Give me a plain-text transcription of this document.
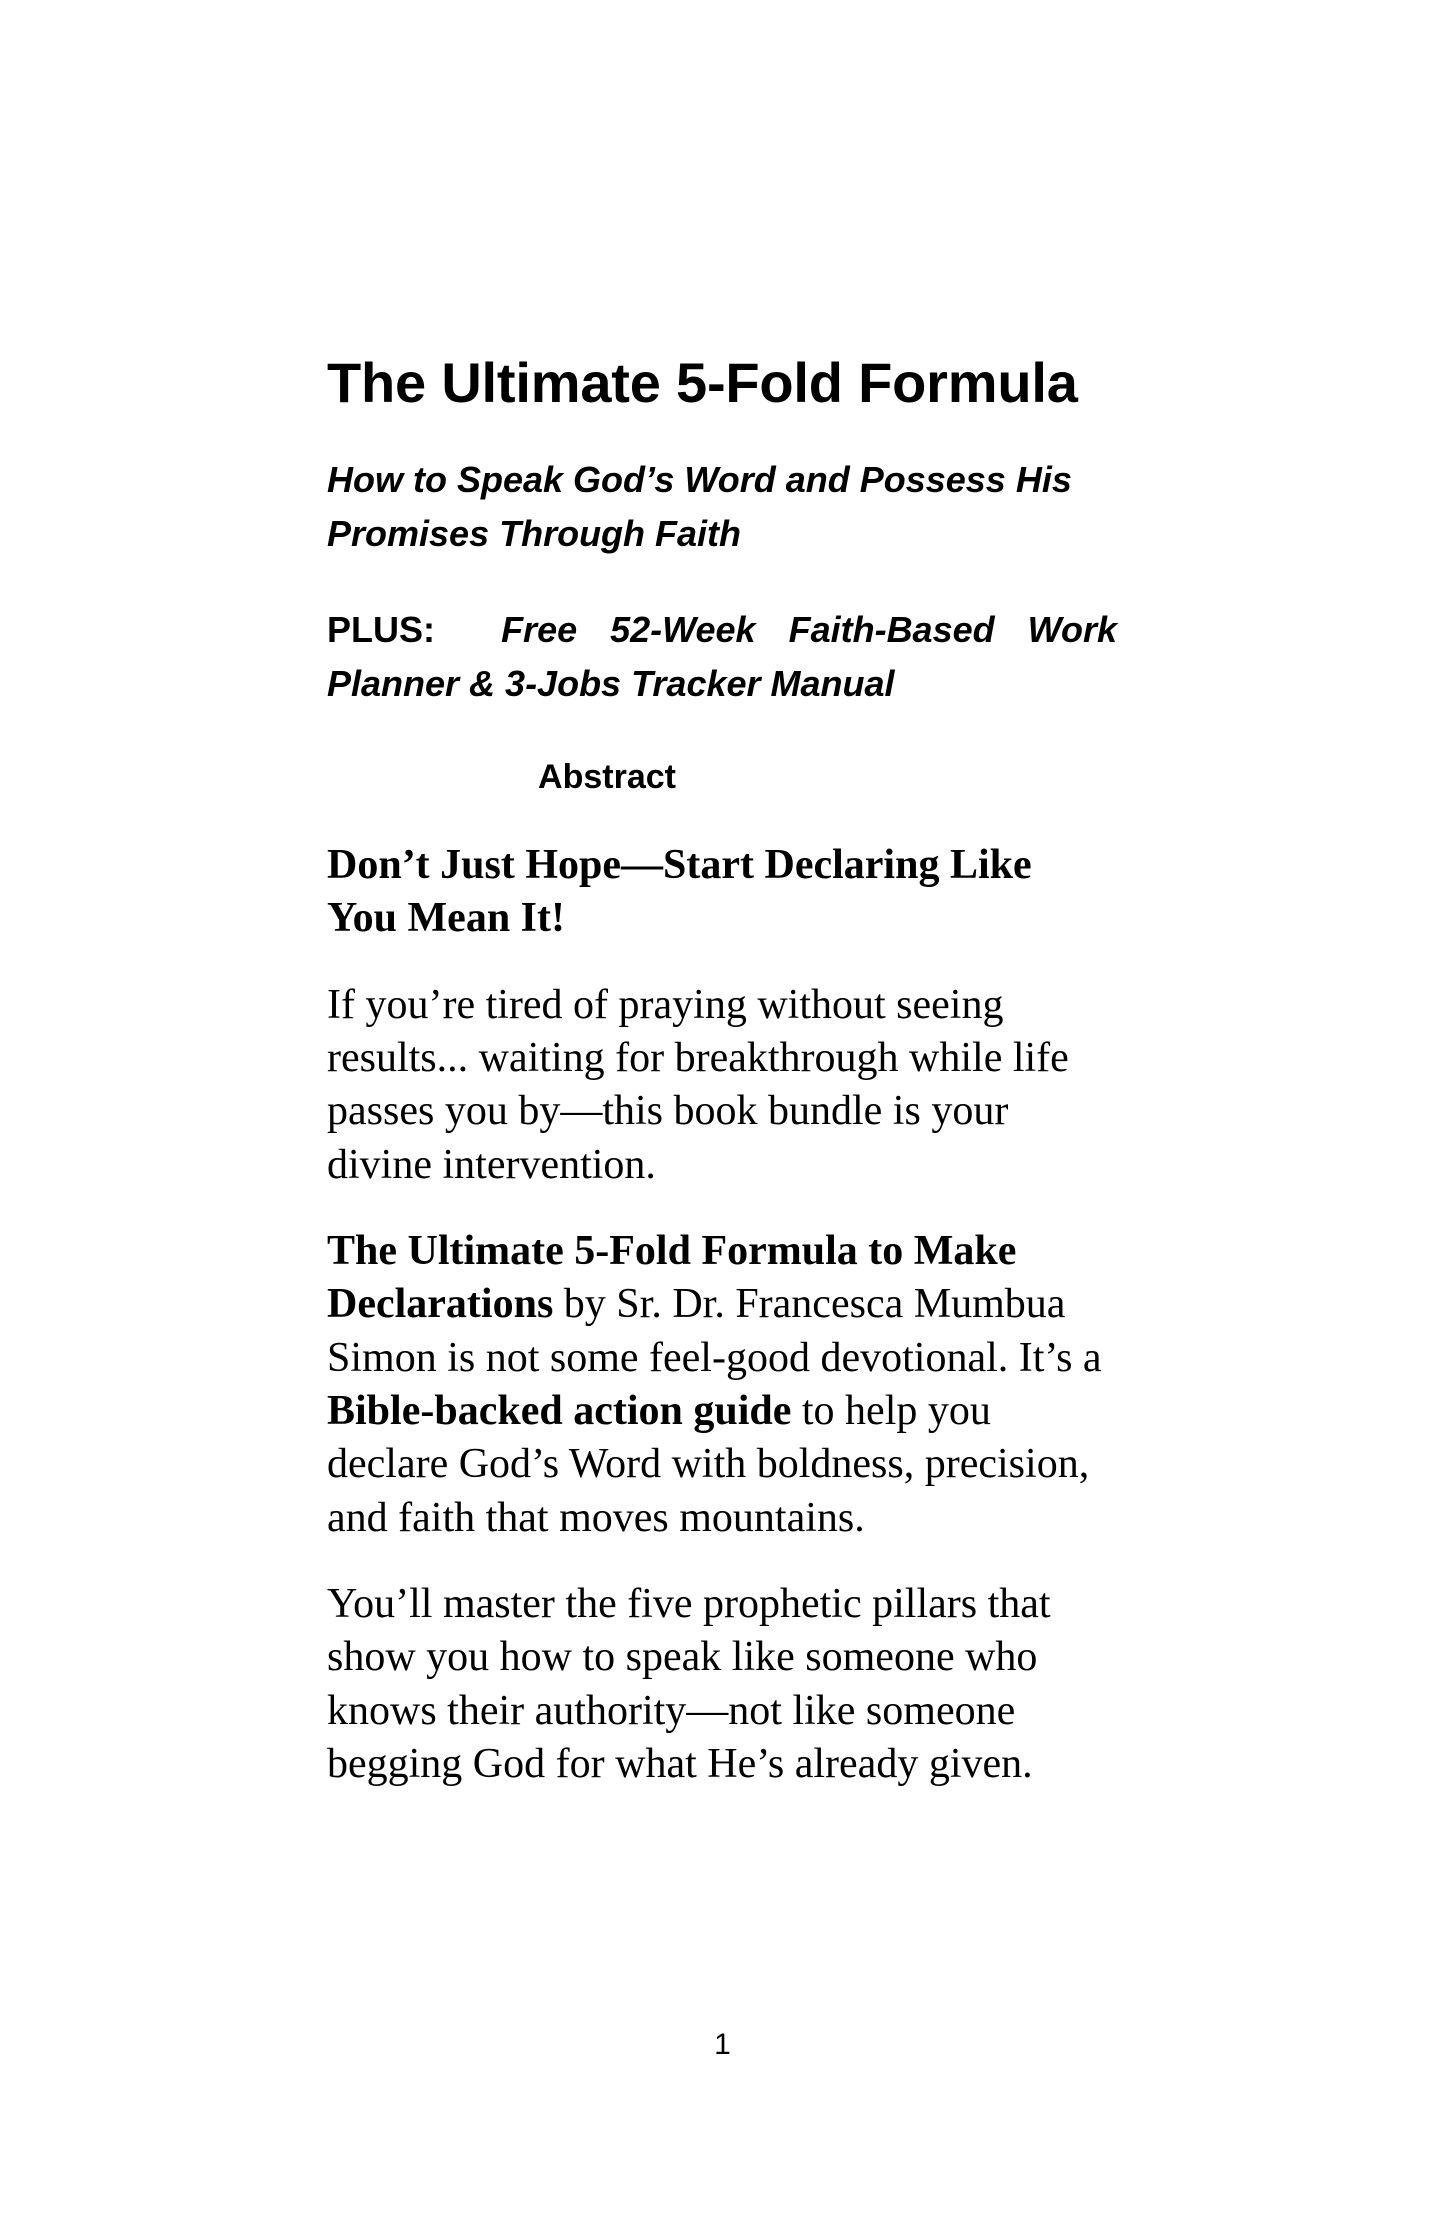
The Ultimate 5-Fold Formula

How to Speak God’s Word and Possess His Promises Through Faith

PLUS: Free 52-Week Faith-Based Work Planner & 3-Jobs Tracker Manual

Abstract
Don’t Just Hope—Start Declaring Like You Mean It!

If you’re tired of praying without seeing results... waiting for breakthrough while life passes you by—this book bundle is your divine intervention.

The Ultimate 5-Fold Formula to Make Declarations by Sr. Dr. Francesca Mumbua Simon is not some feel-good devotional. It’s a Bible-backed action guide to help you declare God’s Word with boldness, precision, and faith that moves mountains.

You’ll master the five prophetic pillars that show you how to speak like someone who knows their authority—not like someone begging God for what He’s already given.

1
